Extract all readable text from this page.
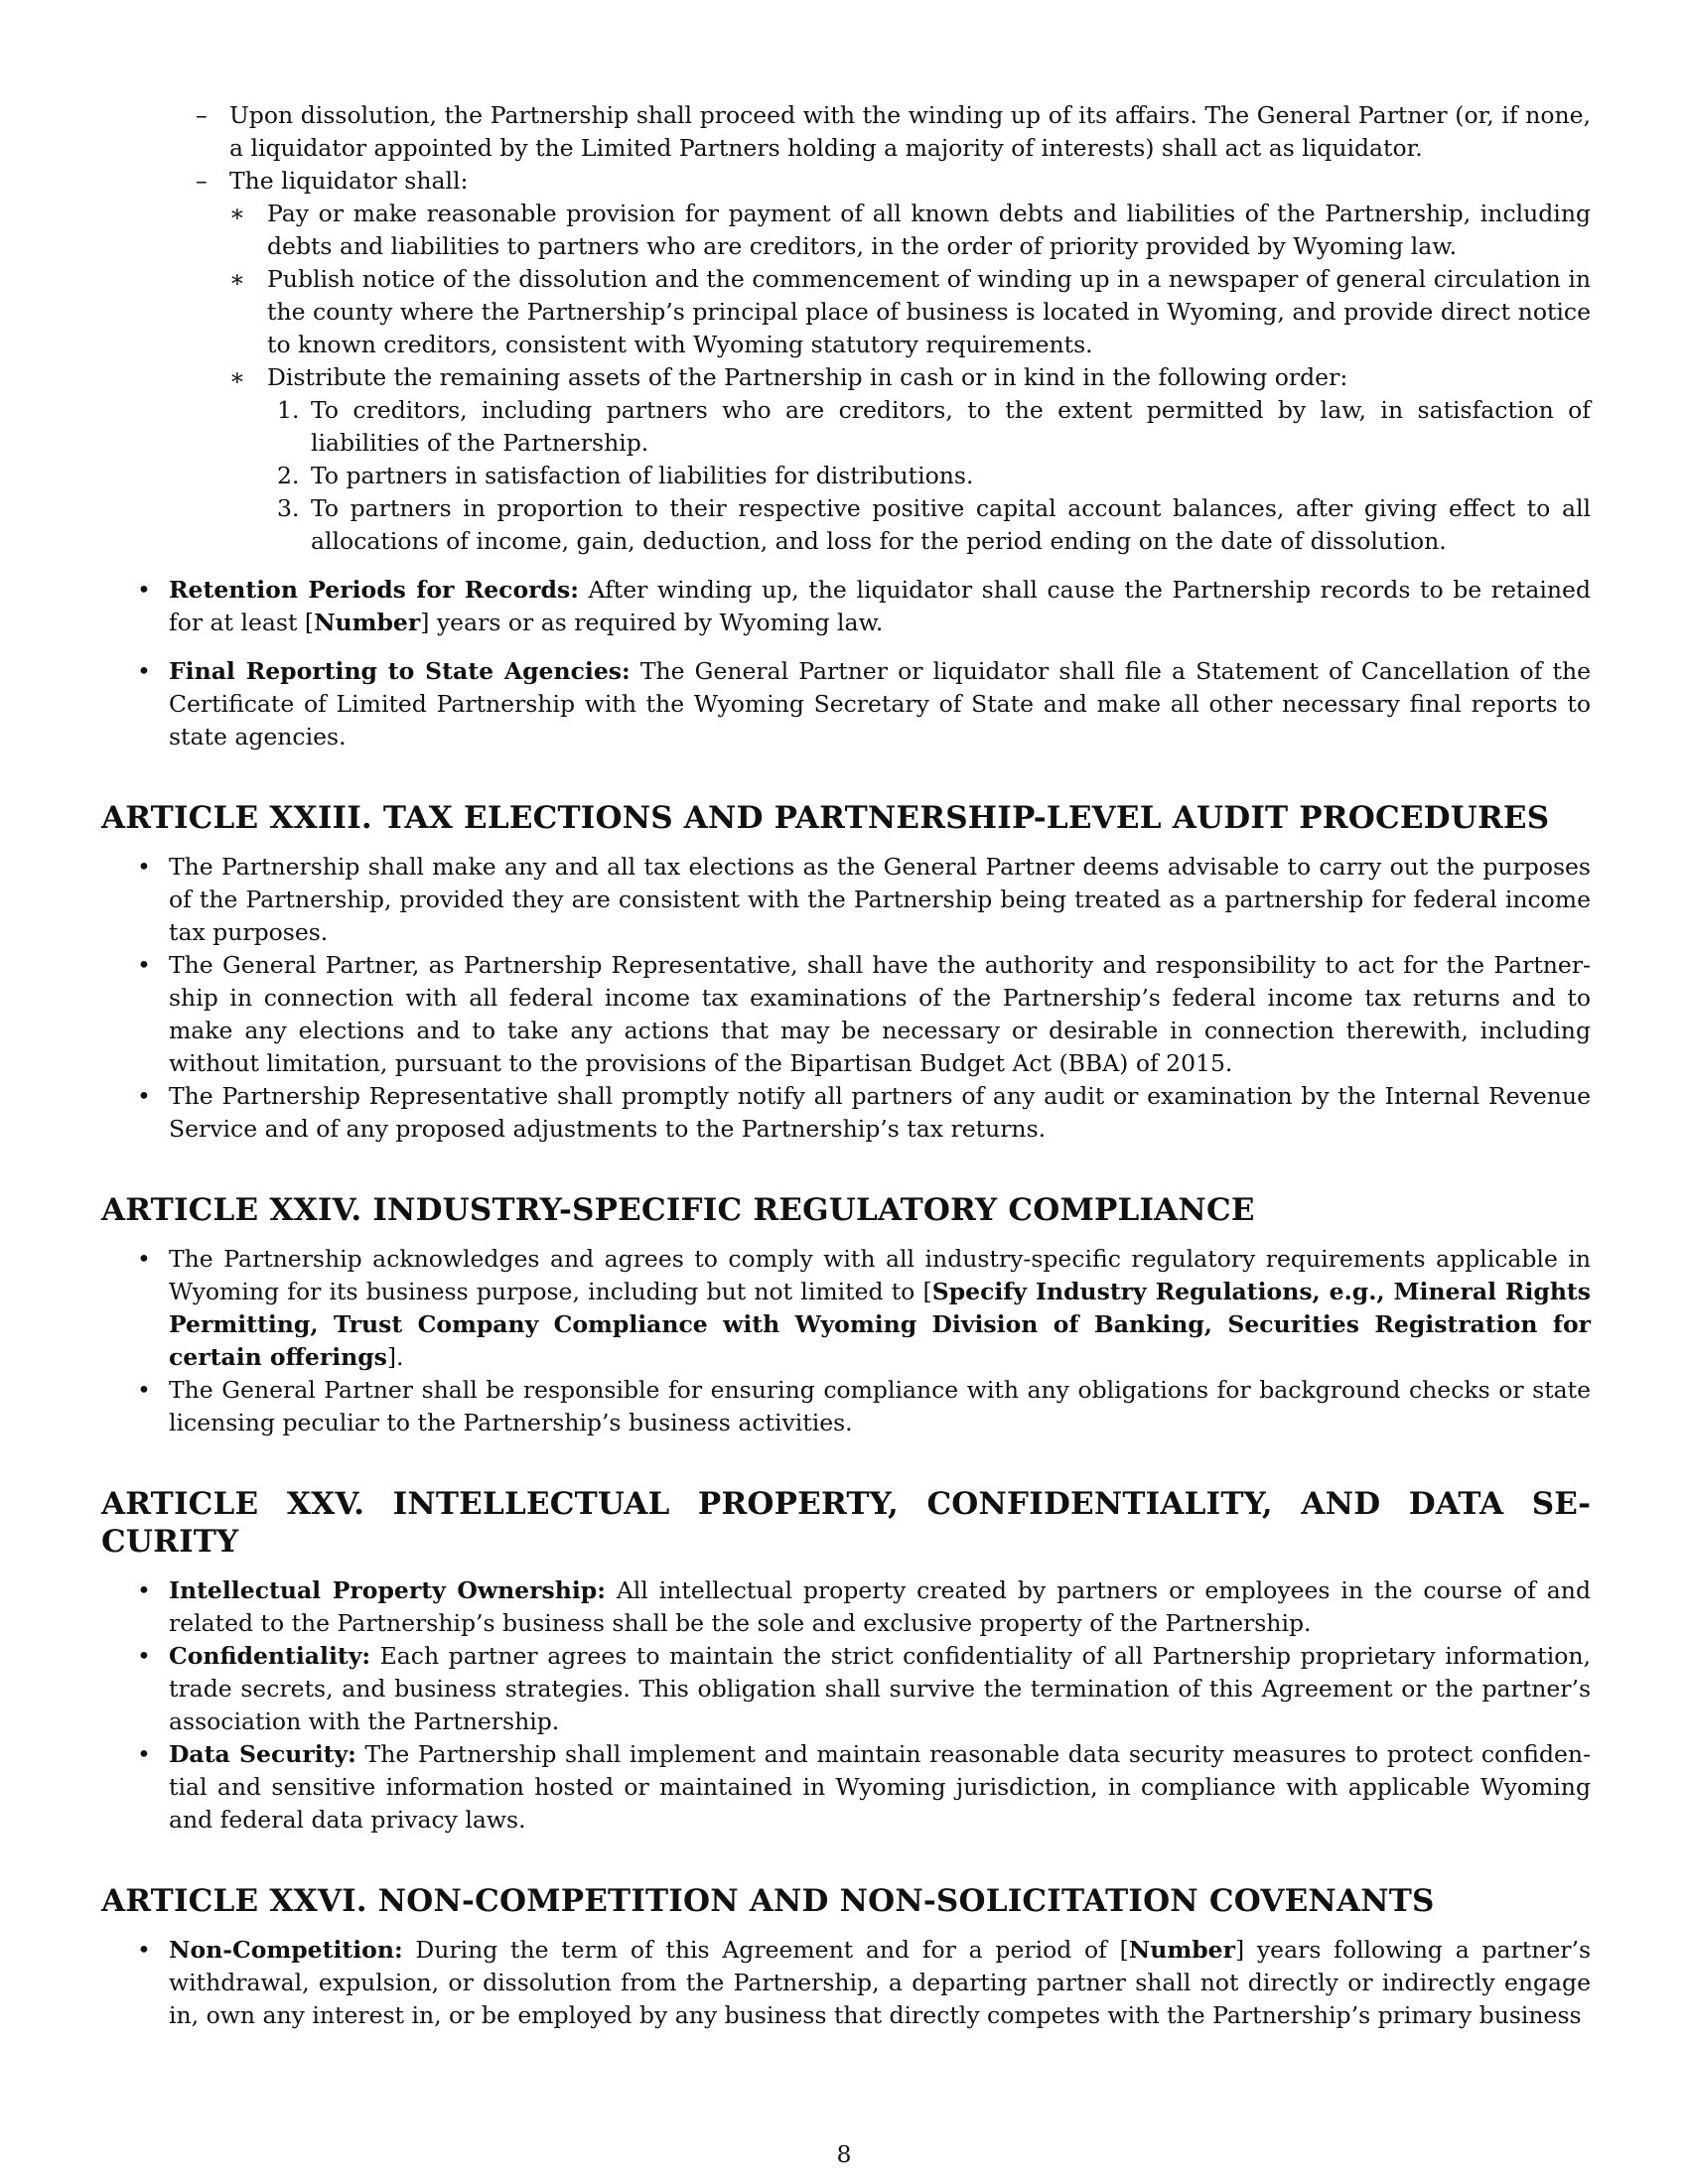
– Upon dissolution, the Partnership shall proceed with the winding up of its affairs. The General Partner (or, if none, a liquidator appointed by the Limited Partners holding a majority of interests) shall act as liquidator.
– The liquidator shall:
∗ Pay or make reasonable provision for payment of all known debts and liabilities of the Partnership, including debts and liabilities to partners who are creditors, in the order of priority provided by Wyoming law.
∗ Publish notice of the dissolution and the commencement of winding up in a newspaper of general circulation in the county where the Partnership’s principal place of business is located in Wyoming, and provide direct notice to known creditors, consistent with Wyoming statutory requirements.
∗ Distribute the remaining assets of the Partnership in cash or in kind in the following order:
1. To creditors, including partners who are creditors, to the extent permitted by law, in satisfaction of liabilities of the Partnership.
2. To partners in satisfaction of liabilities for distributions.
3. To partners in proportion to their respective positive capital account balances, after giving effect to all allocations of income, gain, deduction, and loss for the period ending on the date of dissolution.
• Retention Periods for Records: After winding up, the liquidator shall cause the Partnership records to be retained for at least [Number] years or as required by Wyoming law.
• Final Reporting to State Agencies: The General Partner or liquidator shall file a Statement of Cancellation of the Certificate of Limited Partnership with the Wyoming Secretary of State and make all other necessary final reports to state agencies.
ARTICLE XXIII. TAX ELECTIONS AND PARTNERSHIP-LEVEL AUDIT PROCEDURES
• The Partnership shall make any and all tax elections as the General Partner deems advisable to carry out the purposes of the Partnership, provided they are consistent with the Partnership being treated as a partnership for federal income tax purposes.
• The General Partner, as Partnership Representative, shall have the authority and responsibility to act for the Partnership in connection with all federal income tax examinations of the Partnership’s federal income tax returns and to make any elections and to take any actions that may be necessary or desirable in connection therewith, including without limitation, pursuant to the provisions of the Bipartisan Budget Act (BBA) of 2015.
• The Partnership Representative shall promptly notify all partners of any audit or examination by the Internal Revenue Service and of any proposed adjustments to the Partnership’s tax returns.
ARTICLE XXIV. INDUSTRY-SPECIFIC REGULATORY COMPLIANCE
• The Partnership acknowledges and agrees to comply with all industry-specific regulatory requirements applicable in Wyoming for its business purpose, including but not limited to [Specify Industry Regulations, e.g., Mineral Rights Permitting, Trust Company Compliance with Wyoming Division of Banking, Securities Registration for certain offerings].
• The General Partner shall be responsible for ensuring compliance with any obligations for background checks or state licensing peculiar to the Partnership’s business activities.
ARTICLE XXV. INTELLECTUAL PROPERTY, CONFIDENTIALITY, AND DATA SECURITY
• Intellectual Property Ownership: All intellectual property created by partners or employees in the course of and related to the Partnership’s business shall be the sole and exclusive property of the Partnership.
• Confidentiality: Each partner agrees to maintain the strict confidentiality of all Partnership proprietary information, trade secrets, and business strategies. This obligation shall survive the termination of this Agreement or the partner’s association with the Partnership.
• Data Security: The Partnership shall implement and maintain reasonable data security measures to protect confidential and sensitive information hosted or maintained in Wyoming jurisdiction, in compliance with applicable Wyoming and federal data privacy laws.
ARTICLE XXVI. NON-COMPETITION AND NON-SOLICITATION COVENANTS
• Non-Competition: During the term of this Agreement and for a period of [Number] years following a partner’s withdrawal, expulsion, or dissolution from the Partnership, a departing partner shall not directly or indirectly engage in, own any interest in, or be employed by any business that directly competes with the Partnership’s primary business
8
